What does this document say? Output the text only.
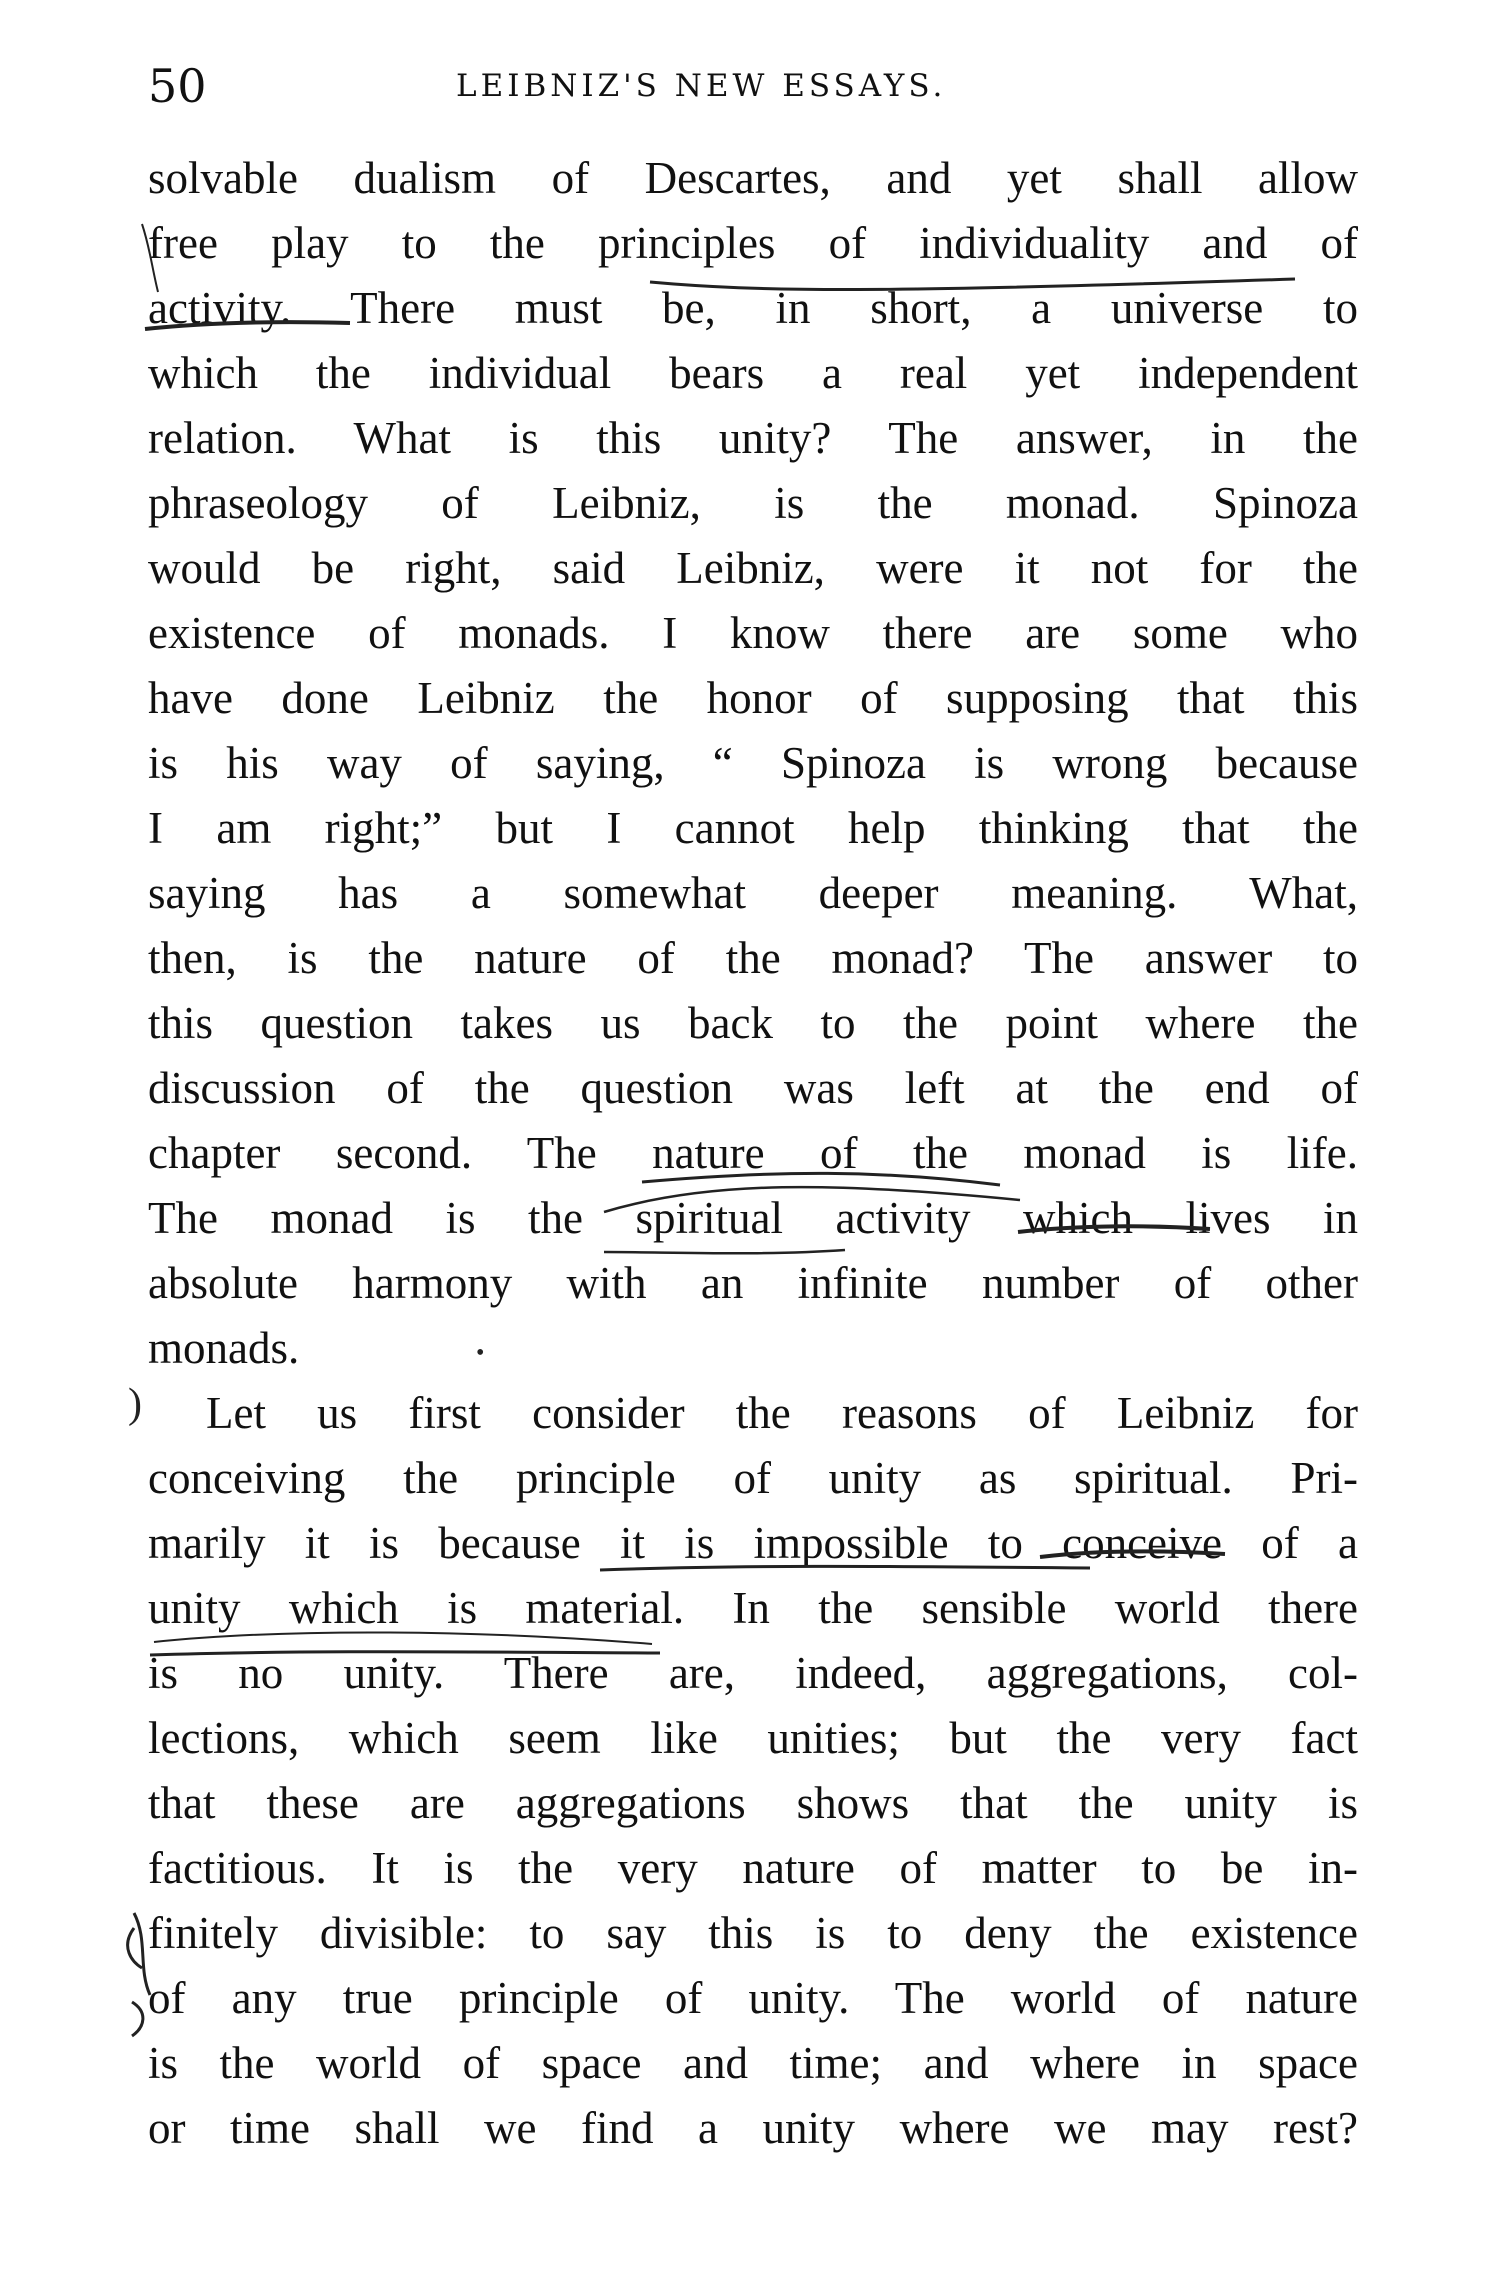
50	LEIBNIZ'S NEW ESSAYS.
solvable dualism of Descartes, and yet shall allow
free play to the principles of individuality and of
activity. There must be, in short, a universe to
which the individual bears a real yet independent
relation. What is this unity? The answer, in the
phraseology of Leibniz, is the monad. Spinoza
would be right, said Leibniz, were it not for the
existence of monads. I know there are some who
have done Leibniz the honor of supposing that this
is his way of saying, “ Spinoza is wrong because
I am right;” but I cannot help thinking that the
saying has a somewhat deeper meaning. What,
then, is the nature of the monad? The answer to
this question takes us back to the point where the
discussion of the question was left at the end of
chapter second. The nature of the monad is life.
The monad is the spiritual activity which lives in
absolute harmony with an infinite number of other
monads.
Let us first consider the reasons of Leibniz for
conceiving the principle of unity as spiritual. Pri-
marily it is because it is impossible to conceive of a
unity which is material. In the sensible world there
is no unity. There are, indeed, aggregations, col-
lections, which seem like unities; but the very fact
that these are aggregations shows that the unity is
factitious. It is the very nature of matter to be in-
finitely divisible: to say this is to deny the existence
of any true principle of unity. The world of nature
is the world of space and time; and where in space
or time shall we find a unity where we may rest?
)
•
